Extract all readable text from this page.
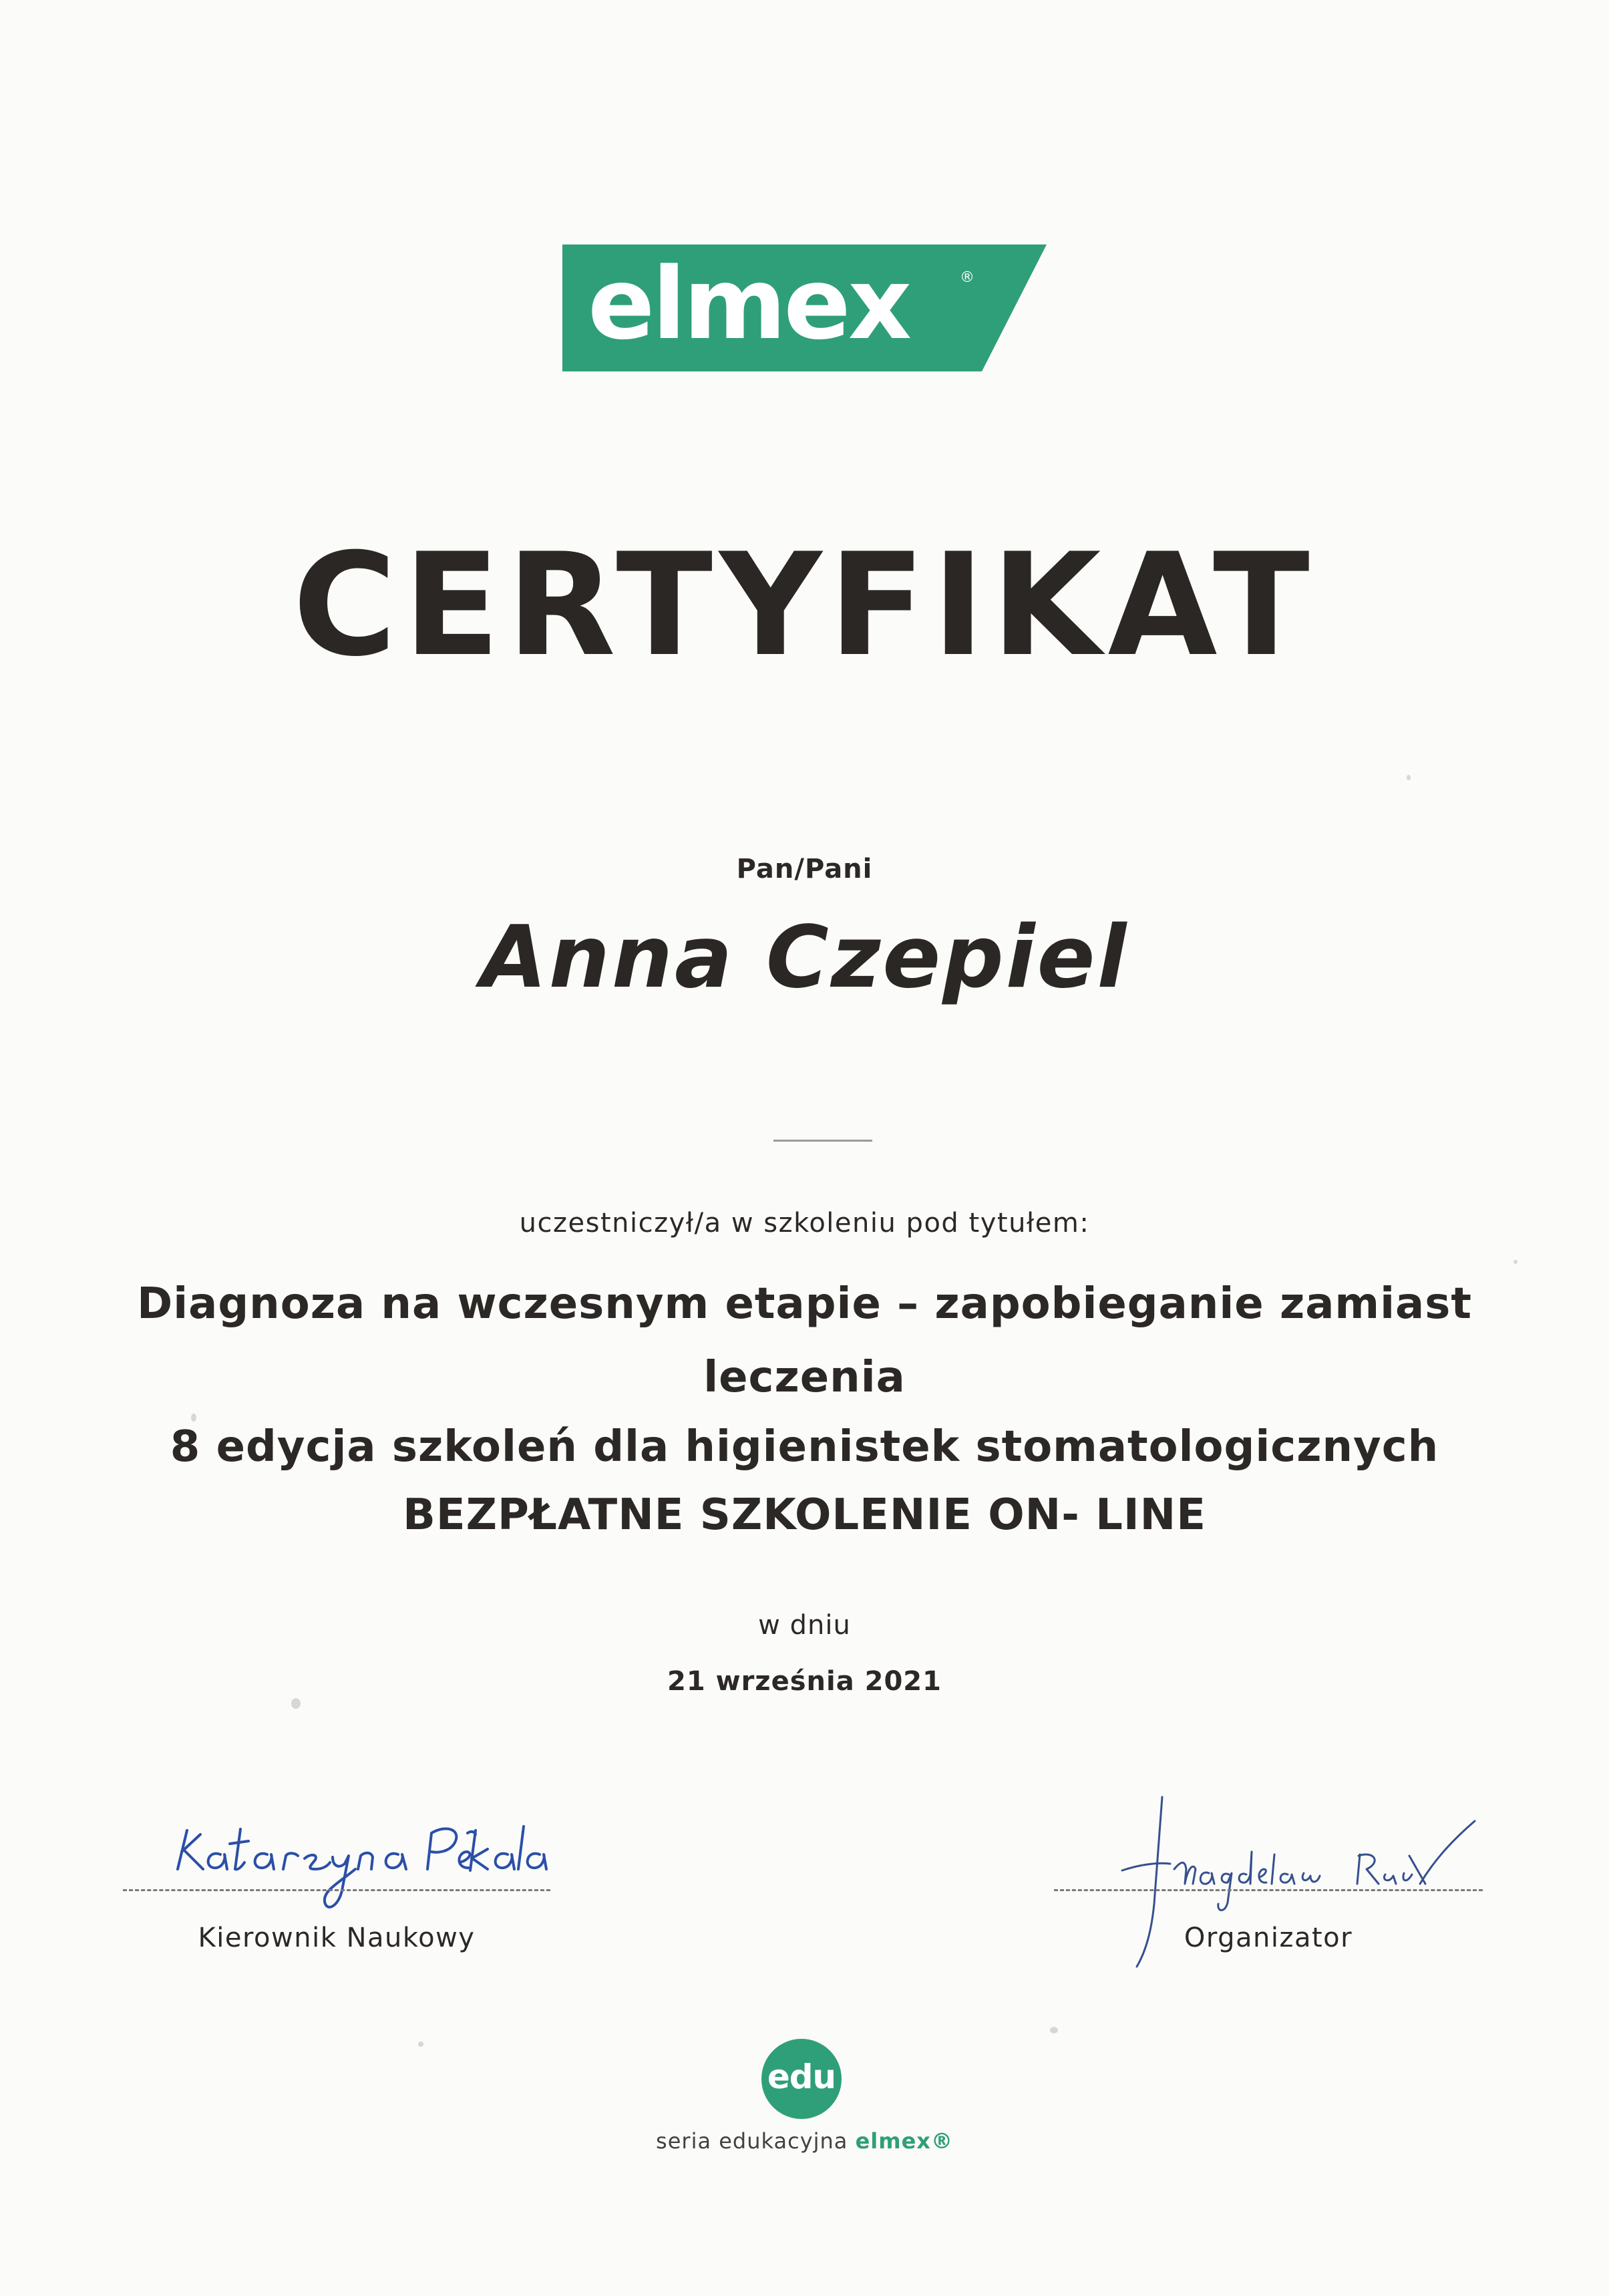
elmex	®
CERTYFIKAT
Pan/Pani
Anna Czepiel
uczestniczył/a w szkoleniu pod tytułem:
Diagnoza na wczesnym etapie – zapobieganie zamiast
leczenia
8 edycja szkoleń dla higienistek stomatologicznych
BEZPŁATNE SZKOLENIE ON- LINE
w dniu
21 września 2021
Kierownik Naukowy	Organizator
edu
seria edukacyjna elmex®
